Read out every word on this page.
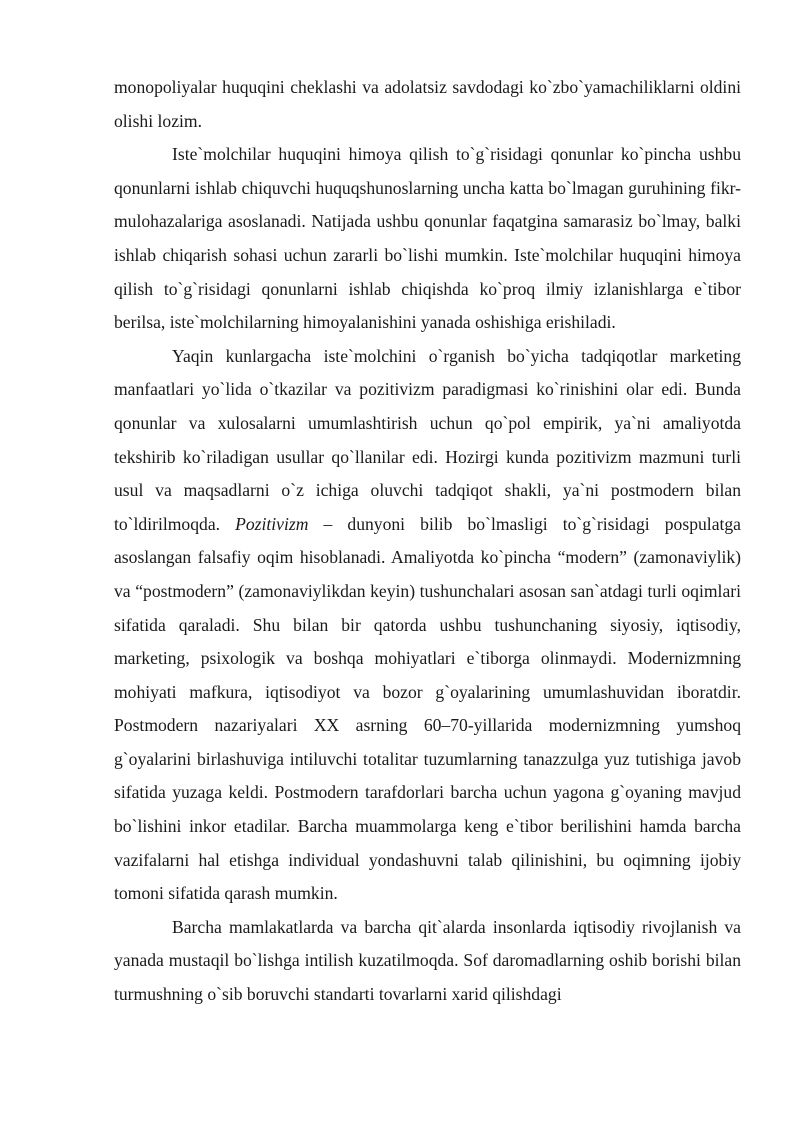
monopoliyalar huquqini cheklashi va adolatsiz savdodagi ko`zbo`yamachiliklarni oldini olishi lozim.

Iste`molchilar huquqini himoya qilish to`g`risidagi qonunlar ko`pincha ushbu qonunlarni ishlab chiquvchi huquqshunoslarning uncha katta bo`lmagan guruhining fikr-mulohazalariga asoslanadi. Natijada ushbu qonunlar faqatgina samarasiz bo`lmay, balki ishlab chiqarish sohasi uchun zararli bo`lishi mumkin. Iste`molchilar huquqini himoya qilish to`g`risidagi qonunlarni ishlab chiqishda ko`proq ilmiy izlanishlarga e`tibor berilsa, iste`molchilarning himoyalanishini yanada oshishiga erishiladi.

Yaqin kunlargacha iste`molchini o`rganish bo`yicha tadqiqotlar marketing manfaatlari yo`lida o`tkazilar va pozitivizm paradigmasi ko`rinishini olar edi. Bunda qonunlar va xulosalarni umumlashtirish uchun qo`pol empirik, ya`ni amaliyotda tekshirib ko`riladigan usullar qo`llanilar edi. Hozirgi kunda pozitivizm mazmuni turli usul va maqsadlarni o`z ichiga oluvchi tadqiqot shakli, ya`ni postmodern bilan to`ldirilmoqda. Pozitivizm – dunyoni bilib bo`lmasligi to`g`risidagi pospulatga asoslangan falsafiy oqim hisoblanadi. Amaliyotda ko`pincha “modern” (zamonaviylik) va “postmodern” (zamonaviylikdan keyin) tushunchalari asosan san`atdagi turli oqimlari sifatida qaraladi. Shu bilan bir qatorda ushbu tushunchaning siyosiy, iqtisodiy, marketing, psixologik va boshqa mohiyatlari e`tiborga olinmaydi. Modernizmning mohiyati mafkura, iqtisodiyot va bozor g`oyalarining umumlashuvidan iboratdir. Postmodern nazariyalari XX asrning 60–70-yillarida modernizmning yumshoq g`oyalarini birlashuviga intiluvchi totalitar tuzumlarning tanazzulga yuz tutishiga javob sifatida yuzaga keldi. Postmodern tarafdorlari barcha uchun yagona g`oyaning mavjud bo`lishini inkor etadilar. Barcha muammolarga keng e`tibor berilishini hamda barcha vazifalarni hal etishga individual yondashuvni talab qilinishini, bu oqimning ijobiy tomoni sifatida qarash mumkin.

Barcha mamlakatlarda va barcha qit`alarda insonlarda iqtisodiy rivojlanish va yanada mustaqil bo`lishga intilish kuzatilmoqda. Sof daromadlarning oshib borishi bilan turmushning o`sib boruvchi standarti tovarlarni xarid qilishdagi
